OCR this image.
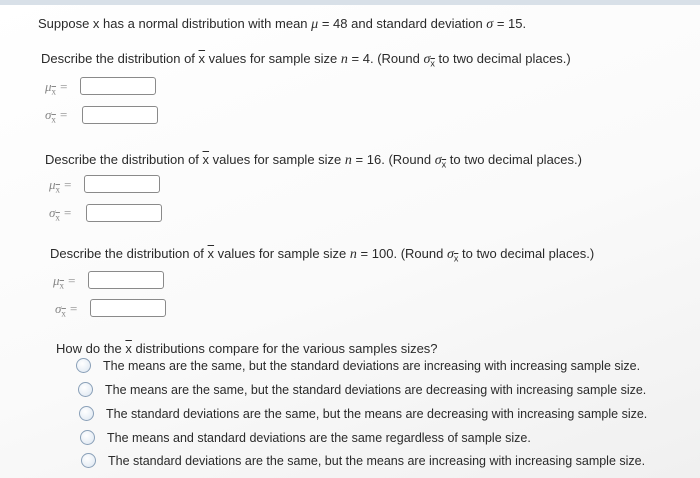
Suppose x has a normal distribution with mean μ = 48 and standard deviation σ = 15.
Describe the distribution of $\overline{x}$ values for sample size n = 4. (Round $\sigma_{\overline{x}}$ to two decimal places.)
$\mu_{\overline{x}}$ =
$\sigma_{\overline{x}}$ =
Describe the distribution of $\overline{x}$ values for sample size n = 16. (Round $\sigma_{\overline{x}}$ to two decimal places.)
$\mu_{\overline{x}}$ =
$\sigma_{\overline{x}}$ =
Describe the distribution of $\overline{x}$ values for sample size n = 100. (Round $\sigma_{\overline{x}}$ to two decimal places.)
$\mu_{\overline{x}}$ =
$\sigma_{\overline{x}}$ =
How do the $\overline{x}$ distributions compare for the various samples sizes?
The means are the same, but the standard deviations are increasing with increasing sample size.
The means are the same, but the standard deviations are decreasing with increasing sample size.
The standard deviations are the same, but the means are decreasing with increasing sample size.
The means and standard deviations are the same regardless of sample size.
The standard deviations are the same, but the means are increasing with increasing sample size.
